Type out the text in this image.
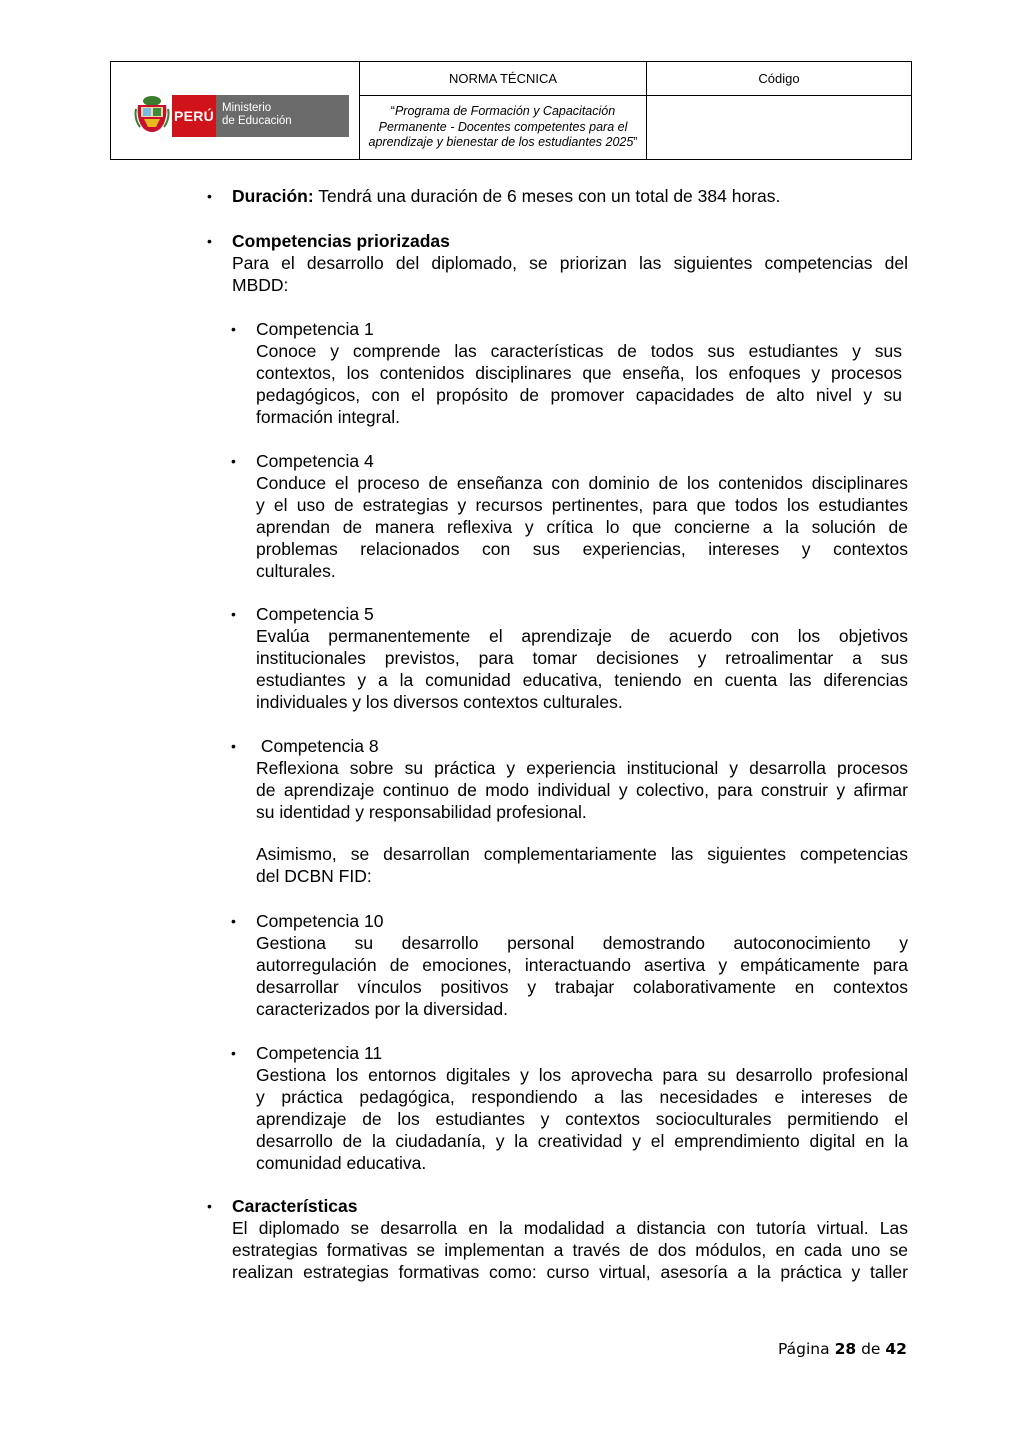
PERÚ Ministerio
de Educación
NORMA TÉCNICA
“Programa de Formación y Capacitación Permanente - Docentes competentes para el aprendizaje y bienestar de los estudiantes 2025”
Código
• Duración: Tendrá una duración de 6 meses con un total de 384 horas.
• Competencias priorizadas
Para el desarrollo del diplomado, se priorizan las siguientes competencias del
MBDD:
• Competencia 1
Conoce y comprende las características de todos sus estudiantes y sus
contextos, los contenidos disciplinares que enseña, los enfoques y procesos
pedagógicos, con el propósito de promover capacidades de alto nivel y su
formación integral.
• Competencia 4
Conduce el proceso de enseñanza con dominio de los contenidos disciplinares
y el uso de estrategias y recursos pertinentes, para que todos los estudiantes
aprendan de manera reflexiva y crítica lo que concierne a la solución de
problemas relacionados con sus experiencias, intereses y contextos
culturales.
• Competencia 5
Evalúa permanentemente el aprendizaje de acuerdo con los objetivos
institucionales previstos, para tomar decisiones y retroalimentar a sus
estudiantes y a la comunidad educativa, teniendo en cuenta las diferencias
individuales y los diversos contextos culturales.
• Competencia 8
Reflexiona sobre su práctica y experiencia institucional y desarrolla procesos
de aprendizaje continuo de modo individual y colectivo, para construir y afirmar
su identidad y responsabilidad profesional.
Asimismo, se desarrollan complementariamente las siguientes competencias
del DCBN FID:
• Competencia 10
Gestiona su desarrollo personal demostrando autoconocimiento y
autorregulación de emociones, interactuando asertiva y empáticamente para
desarrollar vínculos positivos y trabajar colaborativamente en contextos
caracterizados por la diversidad.
• Competencia 11
Gestiona los entornos digitales y los aprovecha para su desarrollo profesional
y práctica pedagógica, respondiendo a las necesidades e intereses de
aprendizaje de los estudiantes y contextos socioculturales permitiendo el
desarrollo de la ciudadanía, y la creatividad y el emprendimiento digital en la
comunidad educativa.
• Características
El diplomado se desarrolla en la modalidad a distancia con tutoría virtual. Las
estrategias formativas se implementan a través de dos módulos, en cada uno se
realizan estrategias formativas como: curso virtual, asesoría a la práctica y taller
Página 28 de 42
